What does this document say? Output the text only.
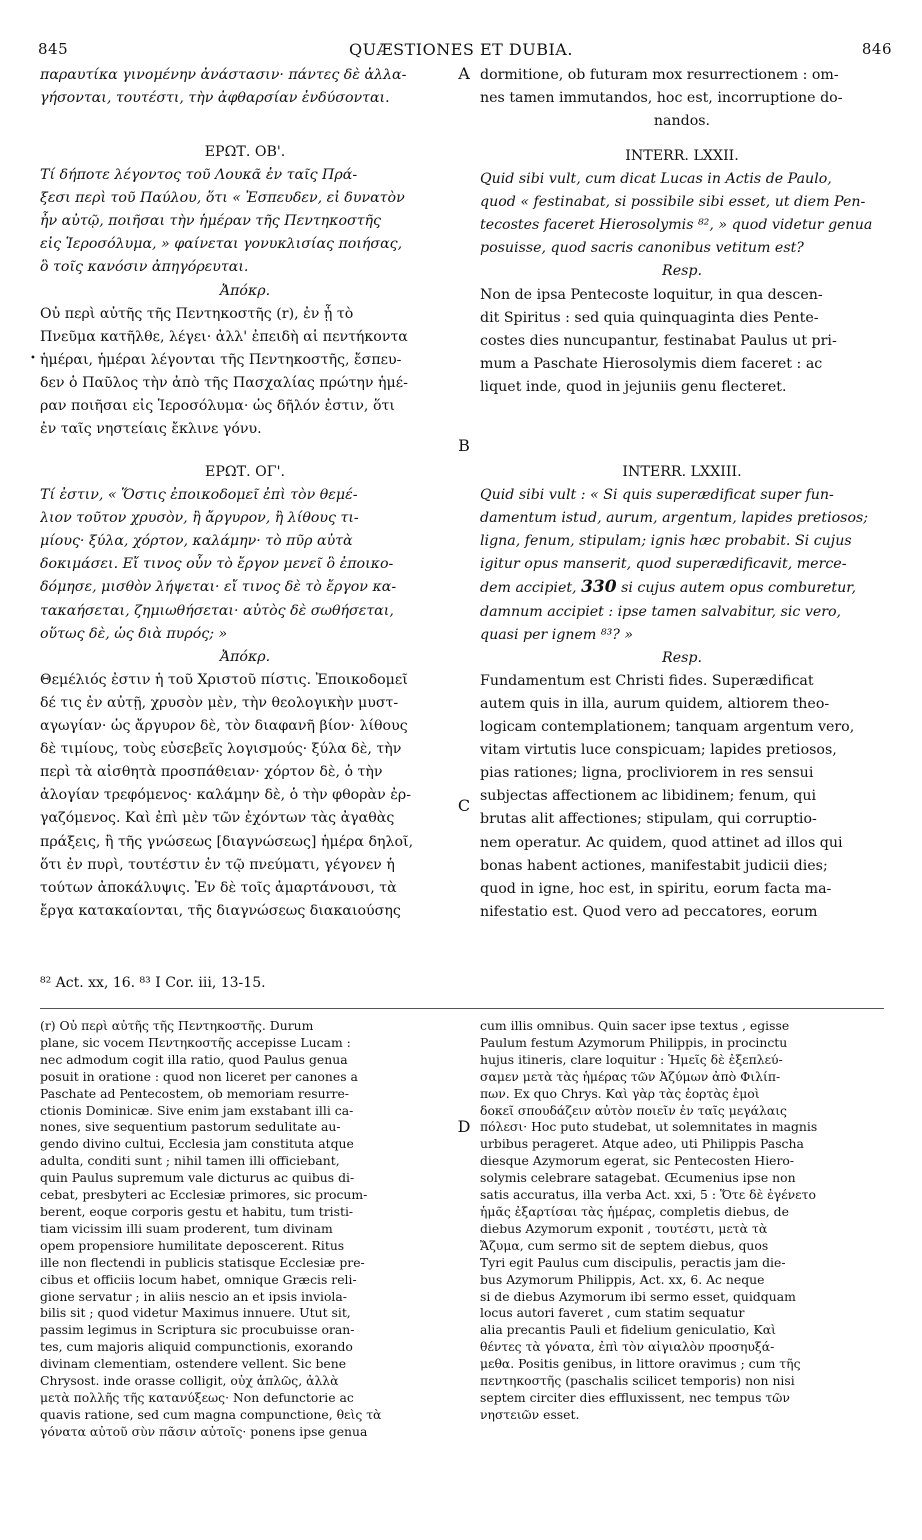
QUÆSTIONES ET DUBIA.
845	846
A
B
C
D
•
παραυτίκα γινομένην ἀνάστασιν· πάντες δὲ ἀλλα-
γήσονται, τουτέστι, τὴν ἀφθαρσίαν ἐνδύσονται.
ΕΡΩΤ. ΟΒ'.
Τί δήποτε λέγοντος τοῦ Λουκᾶ ἐν ταῖς Πρά-
ξεσι περὶ τοῦ Παύλου, ὅτι « Ἐσπευδεν, εἰ δυνατὸν
ἦν αὐτῷ, ποιῆσαι τὴν ἡμέραν τῆς Πεντηκοστῆς
εἰς Ἱεροσόλυμα, » φαίνεται γονυκλισίας ποιήσας,
ὃ τοῖς κανόσιν ἀπηγόρευται.
Ἀπόκρ.
Οὐ περὶ αὐτῆς τῆς Πεντηκοστῆς (r), ἐν ᾗ τὸ
Πνεῦμα κατῆλθε, λέγει· ἀλλ' ἐπειδὴ αἱ πεντήκοντα
ἡμέραι, ἡμέραι λέγονται τῆς Πεντηκοστῆς, ἔσπευ-
δεν ὁ Παῦλος τὴν ἀπὸ τῆς Πασχαλίας πρώτην ἡμέ-
ραν ποιῆσαι εἰς Ἱεροσόλυμα· ὡς δῆλόν ἐστιν, ὅτι
ἐν ταῖς νηστείαις ἔκλινε γόνυ.
ΕΡΩΤ. ΟΓ'.
Τί ἐστιν, « Ὅστις ἐποικοδομεῖ ἐπὶ τὸν θεμέ-
λιον τοῦτον χρυσὸν, ἢ ἄργυρον, ἢ λίθους τι-
μίους· ξύλα, χόρτον, καλάμην· τὸ πῦρ αὐτὰ
δοκιμάσει. Εἴ τινος οὖν τὸ ἔργον μενεῖ ὃ ἐποικο-
δόμησε, μισθὸν λήψεται· εἴ τινος δὲ τὸ ἔργον κα-
τακαήσεται, ζημιωθήσεται· αὐτὸς δὲ σωθήσεται,
οὕτως δὲ, ὡς διὰ πυρός; »
Ἀπόκρ.
Θεμέλιός ἐστιν ἡ τοῦ Χριστοῦ πίστις. Ἐποικοδομεῖ
δέ τις ἐν αὐτῇ, χρυσὸν μὲν, τὴν θεολογικὴν μυστ-
αγωγίαν· ὡς ἄργυρον δὲ, τὸν διαφανῆ βίον· λίθους
δὲ τιμίους, τοὺς εὐσεβεῖς λογισμούς· ξύλα δὲ, τὴν
περὶ τὰ αἰσθητὰ προσπάθειαν· χόρτον δὲ, ὁ τὴν
ἀλογίαν τρεφόμενος· καλάμην δὲ, ὁ τὴν φθορὰν ἐρ-
γαζόμενος. Καὶ ἐπὶ μὲν τῶν ἐχόντων τὰς ἀγαθὰς
πράξεις, ἢ τῆς γνώσεως [διαγνώσεως] ἡμέρα δηλοῖ,
ὅτι ἐν πυρὶ, τουτέστιν ἐν τῷ πνεύματι, γέγονεν ἡ
τούτων ἀποκάλυψις. Ἐν δὲ τοῖς ἁμαρτάνουσι, τὰ
ἔργα κατακαίονται, τῆς διαγνώσεως διακαιούσης
⁸² Act. xx, 16. ⁸³ I Cor. iii, 13-15.
dormitione, ob futuram mox resurrectionem : om-
nes tamen immutandos, hoc est, incorruptione do-
nandos.
INTERR. LXXII.
Quid sibi vult, cum dicat Lucas in Actis de Paulo,
quod « festinabat, si possibile sibi esset, ut diem Pen-
tecostes faceret Hierosolymis ⁸², » quod videtur genua
posuisse, quod sacris canonibus vetitum est?
Resp.
Non de ipsa Pentecoste loquitur, in qua descen-
dit Spiritus : sed quia quinquaginta dies Pente-
costes dies nuncupantur, festinabat Paulus ut pri-
mum a Paschate Hierosolymis diem faceret : ac
liquet inde, quod in jejuniis genu flecteret.
INTERR. LXXIII.
Quid sibi vult : « Si quis superædificat super fun-
damentum istud, aurum, argentum, lapides pretiosos;
ligna, fenum, stipulam; ignis hæc probabit. Si cujus
igitur opus manserit, quod superædificavit, merce-
dem accipiet, 330 si cujus autem opus comburetur,
damnum accipiet : ipse tamen salvabitur, sic vero,
quasi per ignem ⁸³? »
Resp.
Fundamentum est Christi fides. Superædificat
autem quis in illa, aurum quidem, altiorem theo-
logicam contemplationem; tanquam argentum vero,
vitam virtutis luce conspicuam; lapides pretiosos,
pias rationes; ligna, procliviorem in res sensui
subjectas affectionem ac libidinem; fenum, qui
brutas alit affectiones; stipulam, qui corruptio-
nem operatur. Ac quidem, quod attinet ad illos qui
bonas habent actiones, manifestabit judicii dies;
quod in igne, hoc est, in spiritu, eorum facta ma-
nifestatio est. Quod vero ad peccatores, eorum
(r) Οὐ περὶ αὐτῆς τῆς Πεντηκοστῆς. Durum
plane, sic vocem Πεντηκοστῆς accepisse Lucam :
nec admodum cogit illa ratio, quod Paulus genua
posuit in oratione : quod non liceret per canones a
Paschate ad Pentecostem, ob memoriam resurre-
ctionis Dominicæ. Sive enim jam exstabant illi ca-
nones, sive sequentium pastorum sedulitate au-
gendo divino cultui, Ecclesia jam constituta atque
adulta, conditi sunt ; nihil tamen illi officiebant,
quin Paulus supremum vale dicturus ac quibus di-
cebat, presbyteri ac Ecclesiæ primores, sic procum-
berent, eoque corporis gestu et habitu, tum tristi-
tiam vicissim illi suam proderent, tum divinam
opem propensiore humilitate deposcerent. Ritus
ille non flectendi in publicis statisque Ecclesiæ pre-
cibus et officiis locum habet, omnique Græcis reli-
gione servatur ; in aliis nescio an et ipsis inviola-
bilis sit ; quod videtur Maximus innuere. Utut sit,
passim legimus in Scriptura sic procubuisse oran-
tes, cum majoris aliquid compunctionis, exorando
divinam clementiam, ostendere vellent. Sic bene
Chrysost. inde orasse colligit, οὐχ ἁπλῶς, ἀλλὰ
μετὰ πολλῆς τῆς κατανύξεως· Non defunctorie ac
quavis ratione, sed cum magna compunctione, θεὶς τὰ
γόνατα αὐτοῦ σὺν πᾶσιν αὐτοῖς· ponens ipse genua
cum illis omnibus. Quin sacer ipse textus , egisse
Paulum festum Azymorum Philippis, in procinctu
hujus itineris, clare loquitur : Ἡμεῖς δὲ ἐξεπλεύ-
σαμεν μετὰ τὰς ἡμέρας τῶν Ἀζύμων ἀπὸ Φιλίπ-
πων. Ex quo Chrys. Καὶ γὰρ τὰς ἑορτὰς ἐμοὶ
δοκεῖ σπουδάζειν αὐτὸν ποιεῖν ἐν ταῖς μεγάλαις
πόλεσι· Hoc puto studebat, ut solemnitates in magnis
urbibus perageret. Atque adeo, uti Philippis Pascha
diesque Azymorum egerat, sic Pentecosten Hiero-
solymis celebrare satagebat. Œcumenius ipse non
satis accuratus, illa verba Act. xxi, 5 : Ὅτε δὲ ἐγένετο
ἡμᾶς ἐξαρτίσαι τὰς ἡμέρας, completis diebus, de
diebus Azymorum exponit , τουτέστι, μετὰ τὰ
Ἄζυμα, cum sermo sit de septem diebus, quos
Tyri egit Paulus cum discipulis, peractis jam die-
bus Azymorum Philippis, Act. xx, 6. Ac neque
si de diebus Azymorum ibi sermo esset, quidquam
locus autori faveret , cum statim sequatur
alia precantis Pauli et fidelium geniculatio, Καὶ
θέντες τὰ γόνατα, ἐπὶ τὸν αἰγιαλὸν προσηυξά-
μεθα. Positis genibus, in littore oravimus ; cum τῆς
πεντηκοστῆς (paschalis scilicet temporis) non nisi
septem circiter dies effluxissent, nec tempus τῶν
νηστειῶν esset.
